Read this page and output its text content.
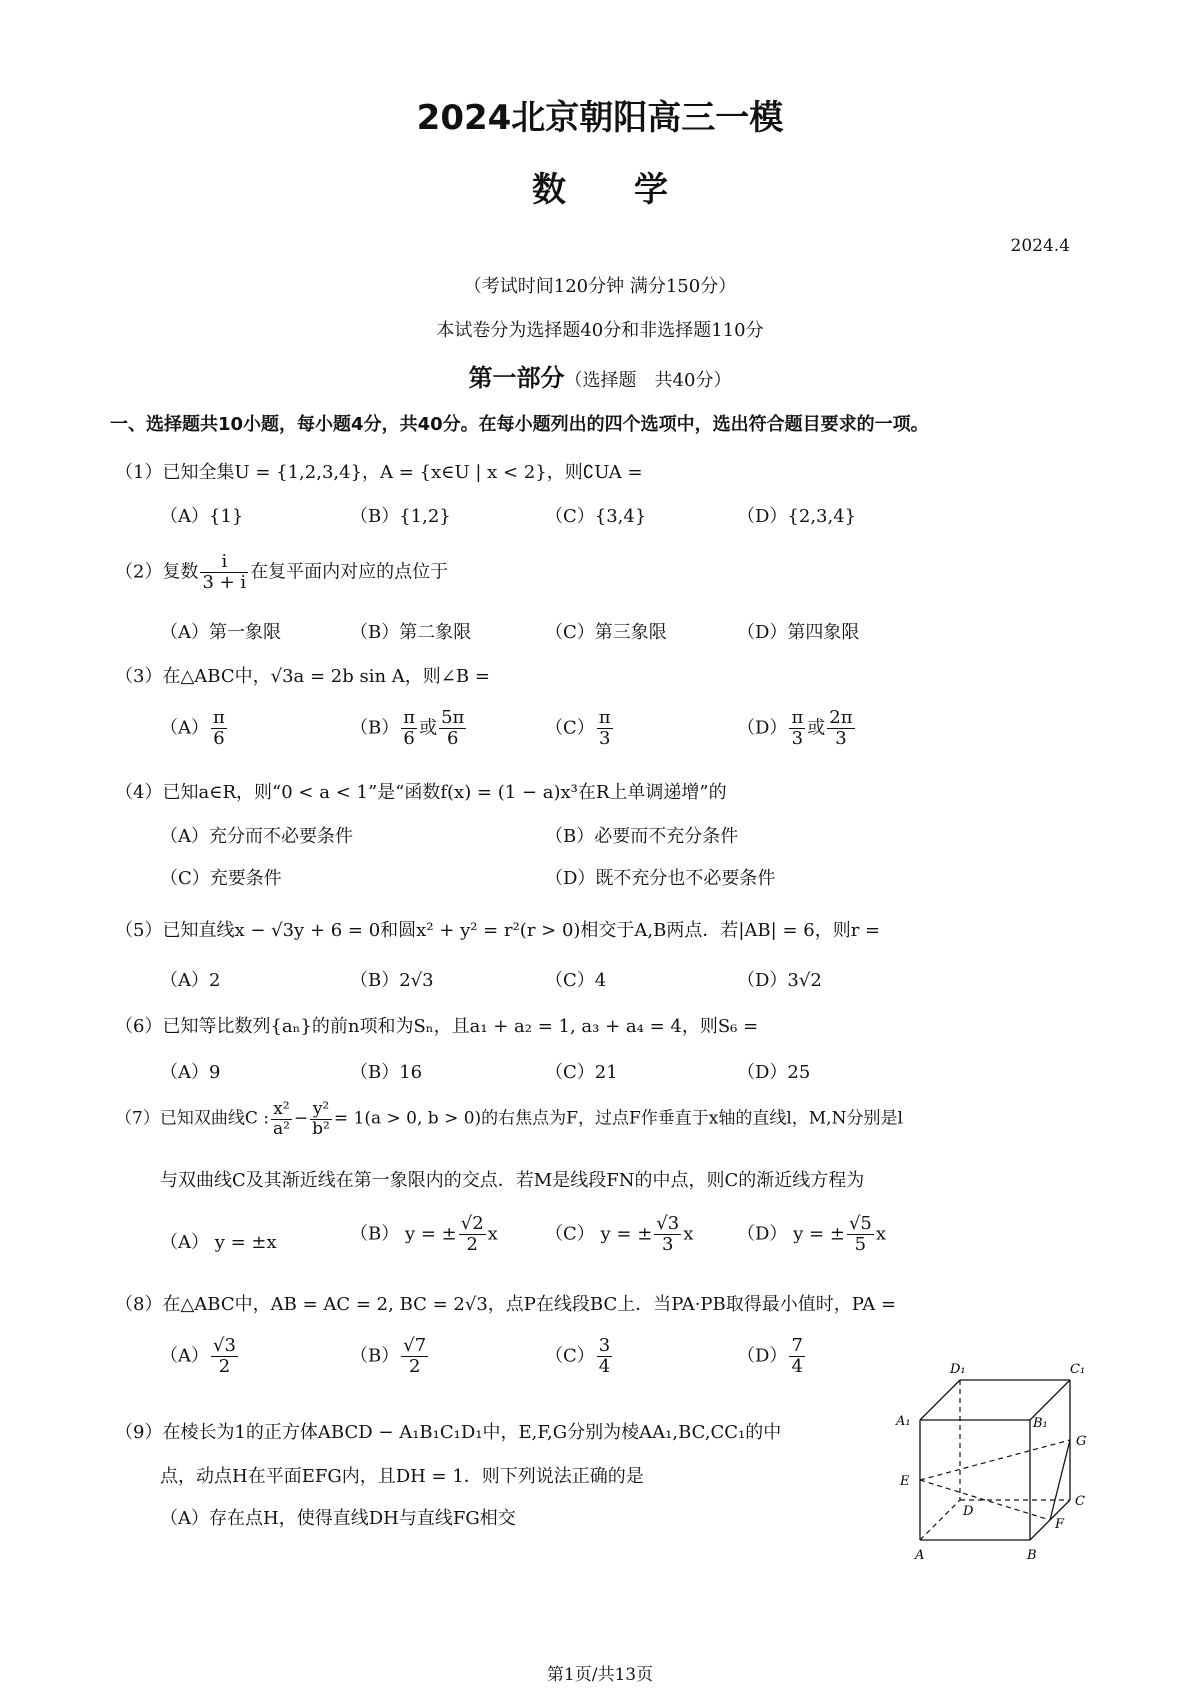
2024北京朝阳高三一模
数　　学
2024.4
（考试时间120分钟 满分150分）
本试卷分为选择题40分和非选择题110分
第一部分（选择题　共40分）
一、选择题共10小题，每小题4分，共40分。在每小题列出的四个选项中，选出符合题目要求的一项。
（1）已知全集U = {1,2,3,4}，A = {x∈U | x < 2}，则∁UA =
（A）{1}	（B）{1,2}	（C）{3,4}	（D）{2,3,4}
（2）复数 $\frac{i}{3 + i}$ 在复平面内对应的点位于
（A）第一象限	（B）第二象限	（C）第三象限	（D）第四象限
（3）在△ABC中，√3a = 2b sin A，则∠B =
$(A) \frac{\pi}{6}$	$(B) \frac{\pi}{6}$ 或 $\frac{5\pi}{6}$	$(C) \frac{\pi}{3}$	$(D) \frac{\pi}{3}$ 或 $\frac{2\pi}{3}$
（4）已知a∈R，则“0 < a < 1”是“函数f(x) = (1 − a)x³在R上单调递增”的
（A）充分而不必要条件	（B）必要而不充分条件
（C）充要条件	（D）既不充分也不必要条件
（5）已知直线x − √3y + 6 = 0和圆x² + y² = r²(r > 0)相交于A,B两点．若|AB| = 6，则r =
（A）2	（B）2√3	（C）4	（D）3√2
（6）已知等比数列{aₙ}的前n项和为Sₙ，且a₁ + a₂ = 1, a₃ + a₄ = 4，则S₆ =
（A）9	（B）16	（C）21	（D）25
（7）已知双曲线C : $\frac{\text{x²}}{\text{a²}} - \frac{\text{y²}}{\text{b²}} = 1(a > 0$, b > 0)的右焦点为F，过点F作垂直于x轴的直线l，M,N分别是l
与双曲线C及其渐近线在第一象限内的交点．若M是线段FN的中点，则C的渐近线方程为
（A） y = ±x	（B） y = ± $\frac{√2}{2}$ x	（C） y = ± $\frac{√3}{3}$ x （D） y = ± $\frac{√5}{5}$ x
（8）在△ABC中，AB = AC = 2, BC = 2√3，点P在线段BC上．当PA·PB取得最小值时，PA =
$(A) \frac{√3}{2}$	$(B) \frac{√7}{2}$	$(C) \frac{3}{4}$	$(D) \frac{7}{4}$
（9）在棱长为1的正方体ABCD − A₁B₁C₁D₁中，E,F,G分别为棱AA₁,BC,CC₁的中
点，动点H在平面EFG内，且DH = 1．则下列说法正确的是
（A）存在点H，使得直线DH与直线FG相交
D₁	C₁
A₁	B₁
G
E
D
C
F
A	B
第1页/共13页
